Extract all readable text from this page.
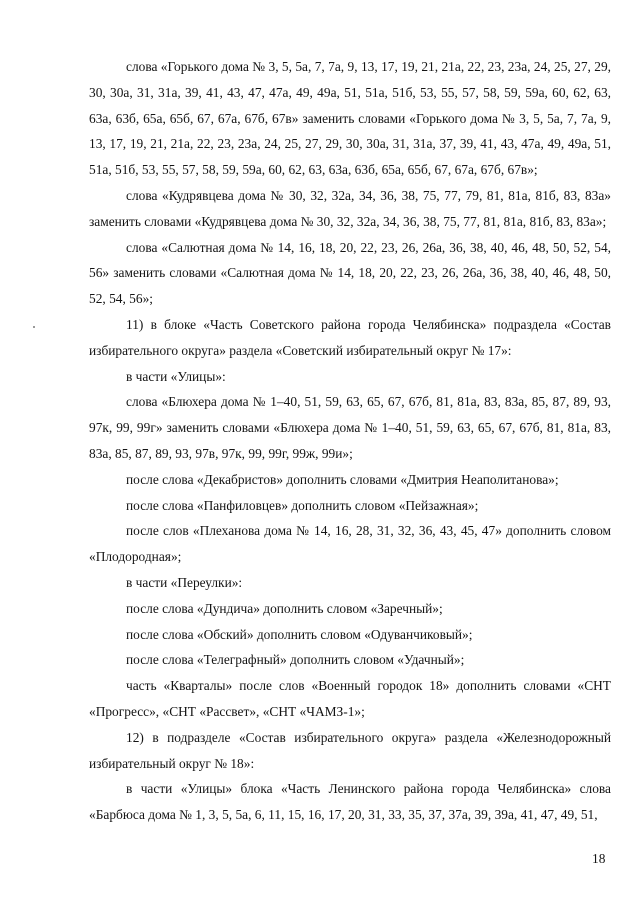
слова «Горького дома № 3, 5, 5а, 7, 7а, 9, 13, 17, 19, 21, 21а, 22, 23, 23а, 24, 25, 27, 29, 30, 30а, 31, 31а, 39, 41, 43, 47, 47а, 49, 49а, 51, 51а, 51б, 53, 55, 57, 58, 59, 59а, 60, 62, 63, 63а, 63б, 65а, 65б, 67, 67а, 67б, 67в» заменить словами «Горького дома № 3, 5, 5а, 7, 7а, 9, 13, 17, 19, 21, 21а, 22, 23, 23а, 24, 25, 27, 29, 30, 30а, 31, 31а, 37, 39, 41, 43, 47а, 49, 49а, 51, 51а, 51б, 53, 55, 57, 58, 59, 59а, 60, 62, 63, 63а, 63б, 65а, 65б, 67, 67а, 67б, 67в»;

слова «Кудрявцева дома № 30, 32, 32а, 34, 36, 38, 75, 77, 79, 81, 81а, 81б, 83, 83а» заменить словами «Кудрявцева дома № 30, 32, 32а, 34, 36, 38, 75, 77, 81, 81а, 81б, 83, 83а»;

слова «Салютная дома № 14, 16, 18, 20, 22, 23, 26, 26а, 36, 38, 40, 46, 48, 50, 52, 54, 56» заменить словами «Салютная дома № 14, 18, 20, 22, 23, 26, 26а, 36, 38, 40, 46, 48, 50, 52, 54, 56»;

11) в блоке «Часть Советского района города Челябинска» подраздела «Состав избирательного округа» раздела «Советский избирательный округ № 17»:

в части «Улицы»:

слова «Блюхера дома № 1–40, 51, 59, 63, 65, 67, 67б, 81, 81а, 83, 83а, 85, 87, 89, 93, 97к, 99, 99г» заменить словами «Блюхера дома № 1–40, 51, 59, 63, 65, 67, 67б, 81, 81а, 83, 83а, 85, 87, 89, 93, 97в, 97к, 99, 99г, 99ж, 99и»;

после слова «Декабристов» дополнить словами «Дмитрия Неаполитанова»;

после слова «Панфиловцев» дополнить словом «Пейзажная»;

после слов «Плеханова дома № 14, 16, 28, 31, 32, 36, 43, 45, 47» дополнить словом «Плодородная»;

в части «Переулки»:

после слова «Дундича» дополнить словом «Заречный»;

после слова «Обский» дополнить словом «Одуванчиковый»;

после слова «Телеграфный» дополнить словом «Удачный»;

часть «Кварталы» после слов «Военный городок 18» дополнить словами «СНТ «Прогресс», «СНТ «Рассвет», «СНТ «ЧАМЗ-1»;

12) в подразделе «Состав избирательного округа» раздела «Железнодорожный избирательный округ № 18»:

в части «Улицы» блока «Часть Ленинского района города Челябинска» слова «Барбюса дома № 1, 3, 5, 5а, 6, 11, 15, 16, 17, 20, 31, 33, 35, 37, 37а, 39, 39а, 41, 47, 49, 51,

18
